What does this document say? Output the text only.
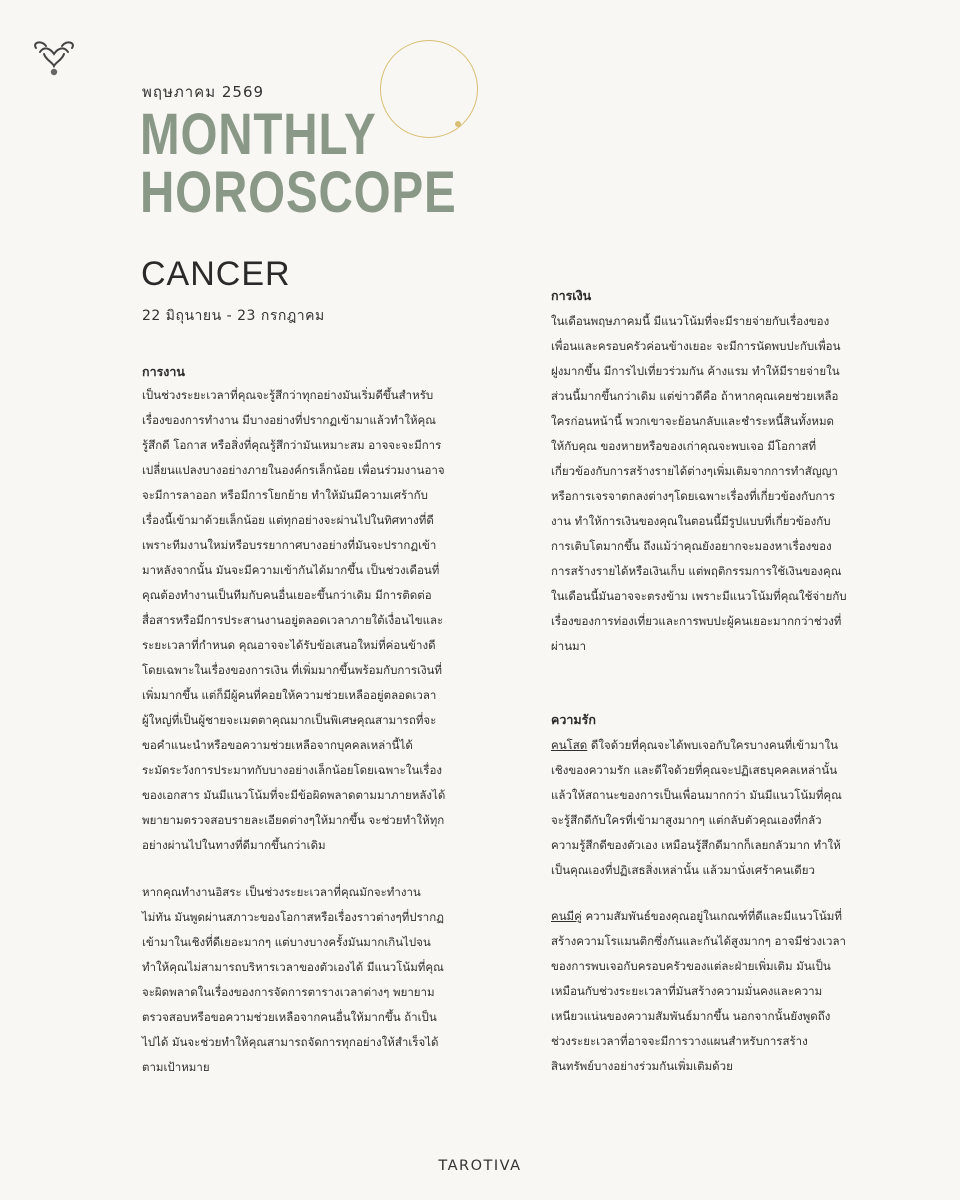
พฤษภาคม 2569
MONTHLY
HOROSCOPE
CANCER
22 มิถุนายน - 23 กรกฎาคม
การงาน

เป็นช่วงระยะเวลาที่คุณจะรู้สึกว่าทุกอย่างมันเริ่มดีขึ้นสำหรับเรื่องของการทำงาน มีบางอย่างที่ปรากฏเข้ามาแล้วทำให้คุณรู้สึกดี โอกาส หรือสิ่งที่คุณรู้สึกว่ามันเหมาะสม อาจจะจะมีการเปลี่ยนแปลงบางอย่างภายในองค์กรเล็กน้อย เพื่อนร่วมงานอาจจะมีการลาออก หรือมีการโยกย้าย ทำให้มันมีความเศร้ากับเรื่องนี้เข้ามาด้วยเล็กน้อย แต่ทุกอย่างจะผ่านไปในทิศทางที่ดี เพราะทีมงานใหม่หรือบรรยากาศบางอย่างที่มันจะปรากฏเข้ามาหลังจากนั้น มันจะมีความเข้ากันได้มากขึ้น เป็นช่วงเดือนที่คุณต้องทำงานเป็นทีมกับคนอื่นเยอะขึ้นกว่าเดิม มีการติดต่อสื่อสารหรือมีการประสานงานอยู่ตลอดเวลาภายใต้เงื่อนไขและระยะเวลาที่กำหนด คุณอาจจะได้รับข้อเสนอใหม่ที่ค่อนข้างดีโดยเฉพาะในเรื่องของการเงิน ที่เพิ่มมากขึ้นพร้อมกับการเงินที่เพิ่มมากขึ้น แต่ก็มีผู้คนที่คอยให้ความช่วยเหลืออยู่ตลอดเวลา ผู้ใหญ่ที่เป็นผู้ชายจะเมตตาคุณมากเป็นพิเศษคุณสามารถที่จะขอคำแนะนำหรือขอความช่วยเหลือจากบุคคลเหล่านี้ได้ ระมัดระวังการประมาทกับบางอย่างเล็กน้อยโดยเฉพาะในเรื่องของเอกสาร มันมีแนวโน้มที่จะมีข้อผิดพลาดตามมาภายหลังได้ พยายามตรวจสอบรายละเอียดต่างๆให้มากขึ้น จะช่วยทำให้ทุกอย่างผ่านไปในทางที่ดีมากขึ้นกว่าเดิม

หากคุณทำงานอิสระ เป็นช่วงระยะเวลาที่คุณมักจะทำงานไม่ทัน มันพูดผ่านสภาวะของโอกาสหรือเรื่องราวต่างๆที่ปรากฏเข้ามาในเชิงที่ดีเยอะมากๆ แต่บางบางครั้งมันมากเกินไปจนทำให้คุณไม่สามารถบริหารเวลาของตัวเองได้ มีแนวโน้มที่คุณจะผิดพลาดในเรื่องของการจัดการตารางเวลาต่างๆ พยายามตรวจสอบหรือขอความช่วยเหลือจากคนอื่นให้มากขึ้น ถ้าเป็นไปได้ มันจะช่วยทำให้คุณสามารถจัดการทุกอย่างให้สำเร็จได้ตามเป้าหมาย

การเงิน

ในเดือนพฤษภาคมนี้ มีแนวโน้มที่จะมีรายจ่ายกับเรื่องของเพื่อนและครอบครัวค่อนข้างเยอะ จะมีการนัดพบปะกับเพื่อนฝูงมากขึ้น มีการไปเที่ยวร่วมกัน ค้างแรม ทำให้มีรายจ่ายในส่วนนี้มากขึ้นกว่าเดิม แต่ข่าวดีคือ ถ้าหากคุณเคยช่วยเหลือใครก่อนหน้านี้ พวกเขาจะย้อนกลับและชำระหนี้สินทั้งหมดให้กับคุณ ของหายหรือของเก่าคุณจะพบเจอ มีโอกาสที่เกี่ยวข้องกับการสร้างรายได้ต่างๆเพิ่มเติมจากการทำสัญญาหรือการเจรจาตกลงต่างๆโดยเฉพาะเรื่องที่เกี่ยวข้องกับการงาน ทำให้การเงินของคุณในตอนนี้มีรูปแบบที่เกี่ยวข้องกับการเติบโตมากขึ้น ถึงแม้ว่าคุณยังอยากจะมองหาเรื่องของการสร้างรายได้หรือเงินเก็บ แต่พฤติกรรมการใช้เงินของคุณในเดือนนี้มันอาจจะตรงข้าม เพราะมีแนวโน้มที่คุณใช้จ่ายกับเรื่องของการท่องเที่ยวและการพบปะผู้คนเยอะมากกว่าช่วงที่ผ่านมา

ความรัก

คนโสด ดีใจด้วยที่คุณจะได้พบเจอกับใครบางคนที่เข้ามาในเชิงของความรัก และดีใจด้วยที่คุณจะปฏิเสธบุคคลเหล่านั้นแล้วให้สถานะของการเป็นเพื่อนมากกว่า มันมีแนวโน้มที่คุณจะรู้สึกดีกับใครที่เข้ามาสูงมากๆ แต่กลับตัวคุณเองที่กลัวความรู้สึกดีของตัวเอง เหมือนรู้สึกดีมากก็เลยกลัวมาก ทำให้เป็นคุณเองที่ปฏิเสธสิ่งเหล่านั้น แล้วมานั่งเศร้าคนเดียว

คนมีคู่ ความสัมพันธ์ของคุณอยู่ในเกณฑ์ที่ดีและมีแนวโน้มที่สร้างความโรแมนติกซึ่งกันและกันได้สูงมากๆ อาจมีช่วงเวลาของการพบเจอกับครอบครัวของแต่ละฝ่ายเพิ่มเติม มันเป็นเหมือนกับช่วงระยะเวลาที่มันสร้างความมั่นคงและความเหนียวแน่นของความสัมพันธ์มากขึ้น นอกจากนั้นยังพูดถึงช่วงระยะเวลาที่อาจจะมีการวางแผนสำหรับการสร้างสินทรัพย์บางอย่างร่วมกันเพิ่มเติมด้วย

TAROTIVA
